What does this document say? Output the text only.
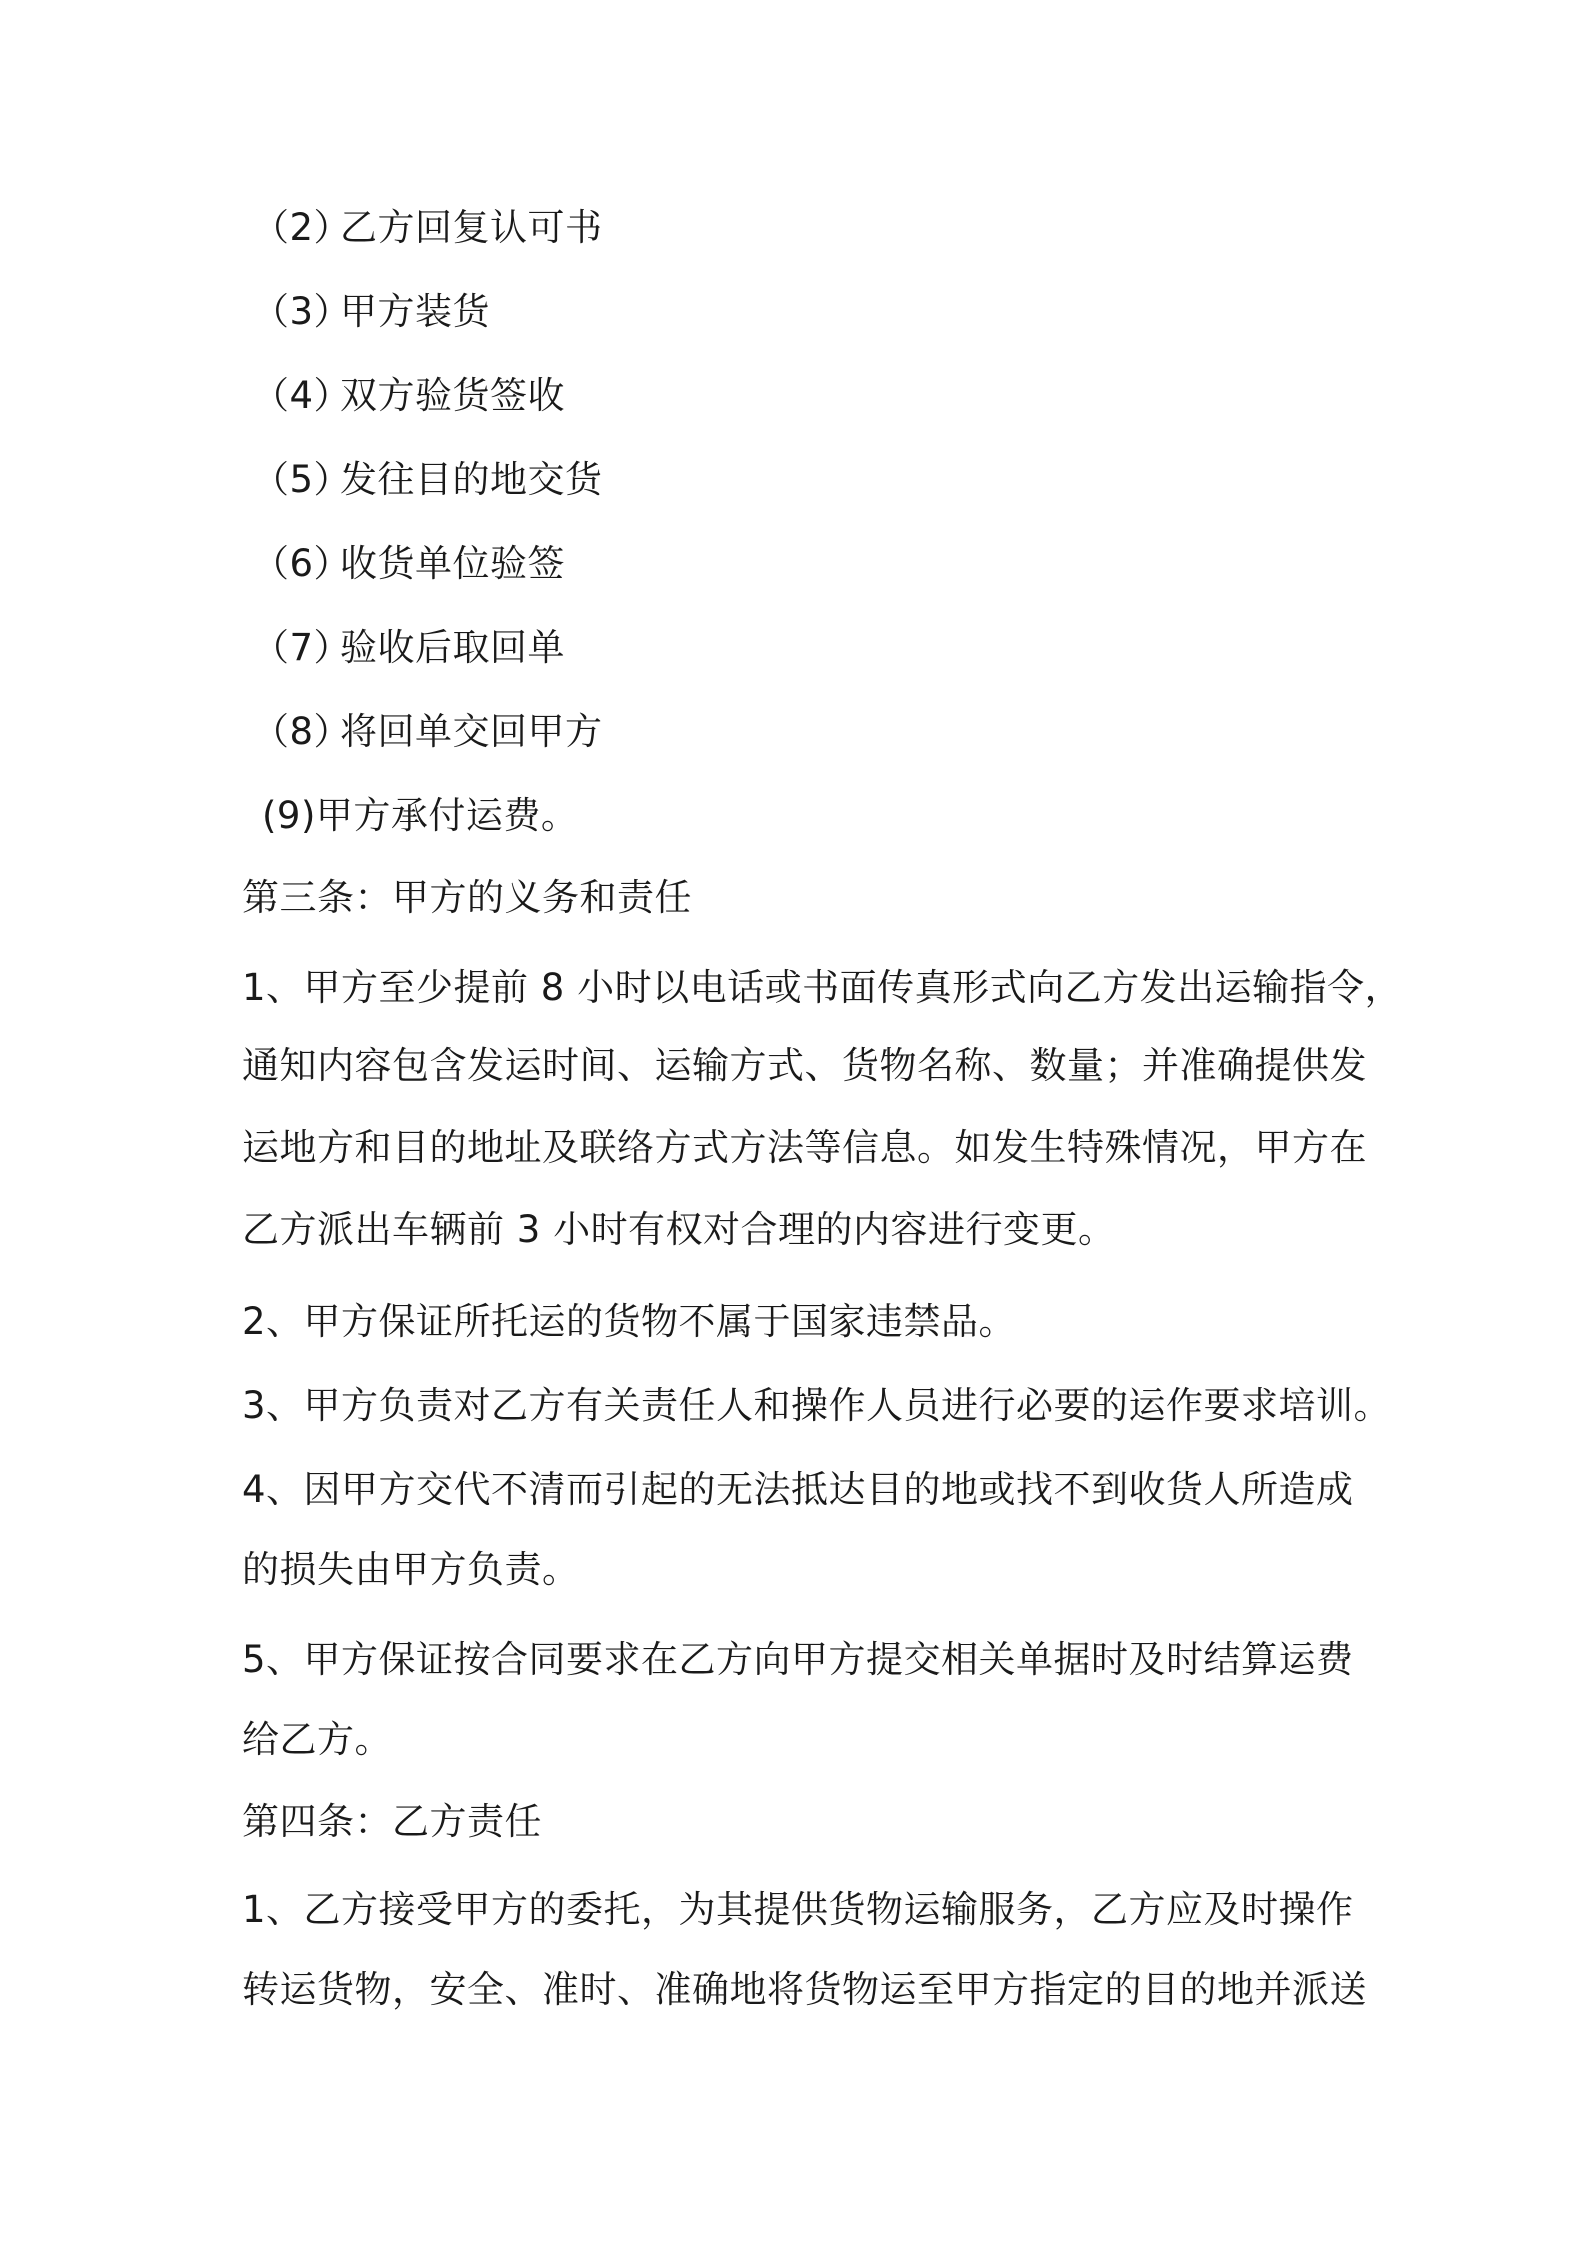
（2）乙方回复认可书
（3）甲方装货
（4）双方验货签收
（5）发往目的地交货
（6）收货单位验签
（7）验收后取回单
（8）将回单交回甲方
(9)甲方承付运费。
第三条：甲方的义务和责任
1、甲方至少提前 8 小时以电话或书面传真形式向乙方发出运输指令，
通知内容包含发运时间、运输方式、货物名称、数量；并准确提供发
运地方和目的地址及联络方式方法等信息。如发生特殊情况，甲方在
乙方派出车辆前 3 小时有权对合理的内容进行变更。
2、甲方保证所托运的货物不属于国家违禁品。
3、甲方负责对乙方有关责任人和操作人员进行必要的运作要求培训。
4、因甲方交代不清而引起的无法抵达目的地或找不到收货人所造成
的损失由甲方负责。
5、甲方保证按合同要求在乙方向甲方提交相关单据时及时结算运费
给乙方。
第四条：乙方责任
1、乙方接受甲方的委托，为其提供货物运输服务，乙方应及时操作
转运货物，安全、准时、准确地将货物运至甲方指定的目的地并派送
